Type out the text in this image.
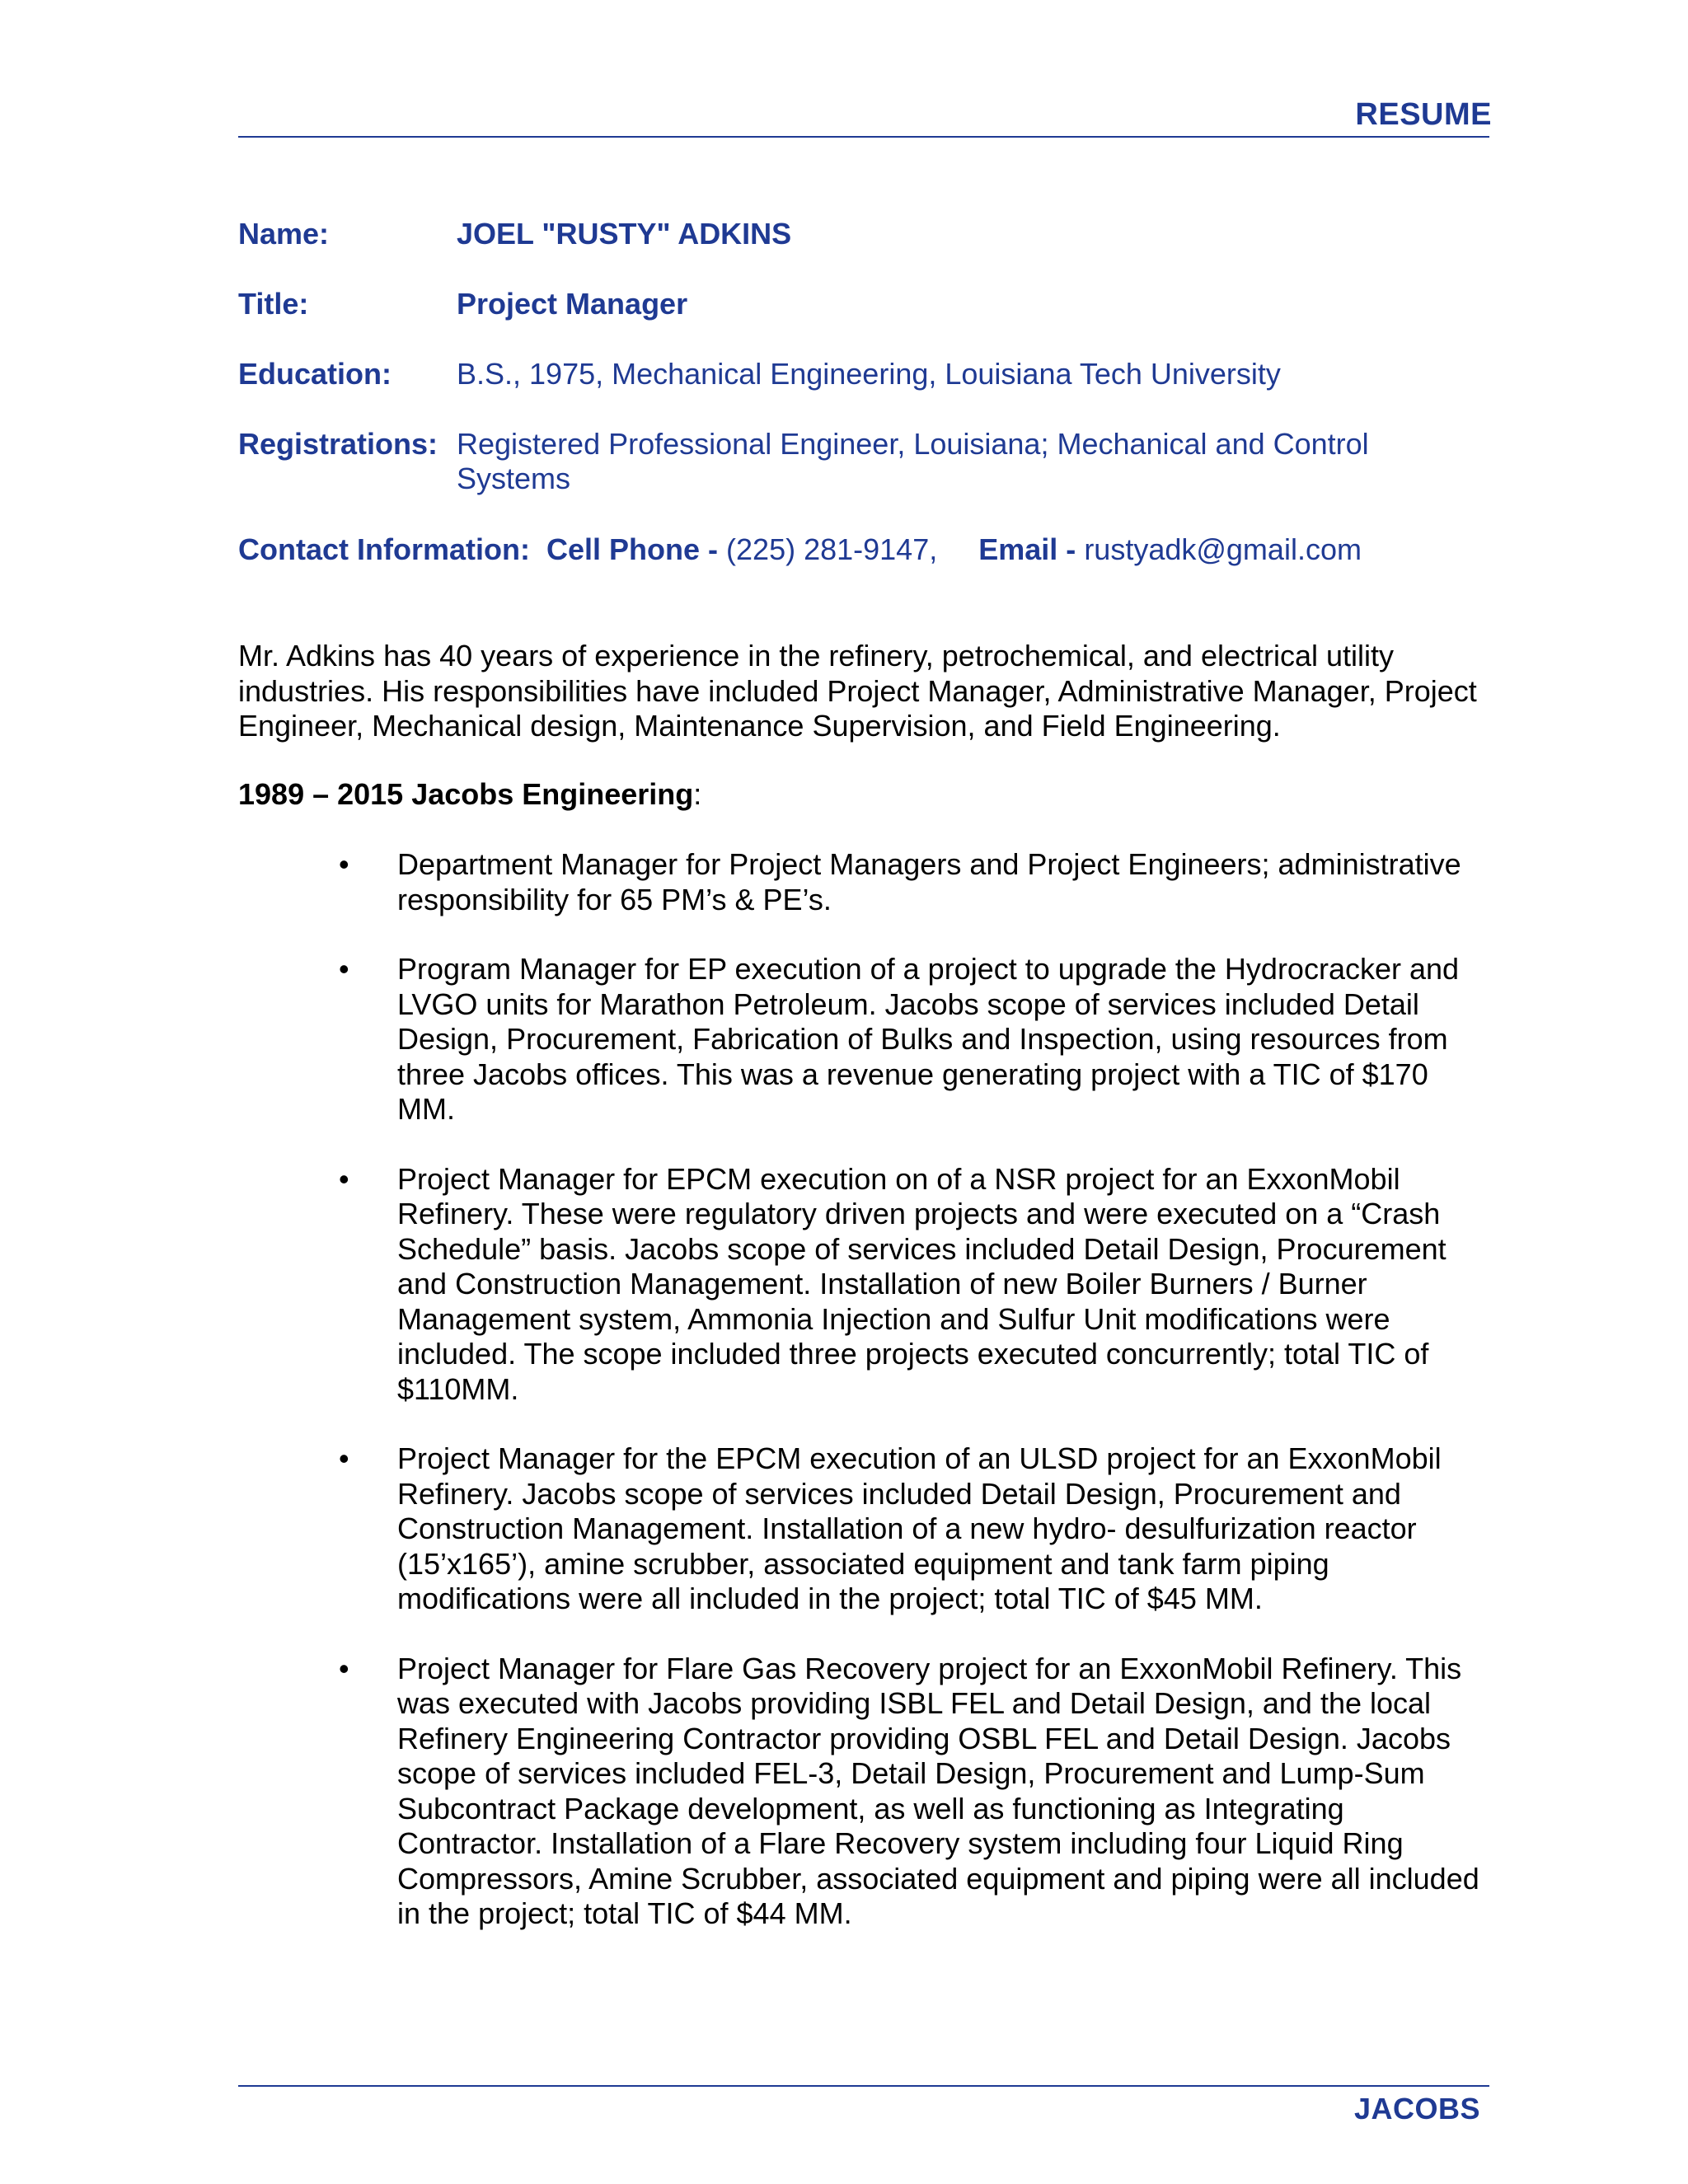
RESUME
Name:	JOEL "RUSTY" ADKINS
Title:	Project Manager
Education: B.S., 1975, Mechanical Engineering, Louisiana Tech University
Registrations: Registered Professional Engineer, Louisiana; Mechanical and Control Systems
Contact Information: Cell Phone - (225) 281-9147, Email - rustyadk@gmail.com
Mr. Adkins has 40 years of experience in the refinery, petrochemical, and electrical utility industries. His responsibilities have included Project Manager, Administrative Manager, Project Engineer, Mechanical design, Maintenance Supervision, and Field Engineering.
1989 – 2015 Jacobs Engineering:
• Department Manager for Project Managers and Project Engineers; administrative responsibility for 65 PM’s & PE’s.
• Program Manager for EP execution of a project to upgrade the Hydrocracker and LVGO units for Marathon Petroleum. Jacobs scope of services included Detail Design, Procurement, Fabrication of Bulks and Inspection, using resources from three Jacobs offices. This was a revenue generating project with a TIC of $170 MM.
• Project Manager for EPCM execution on of a NSR project for an ExxonMobil Refinery. These were regulatory driven projects and were executed on a “Crash Schedule” basis. Jacobs scope of services included Detail Design, Procurement and Construction Management. Installation of new Boiler Burners / Burner Management system, Ammonia Injection and Sulfur Unit modifications were included. The scope included three projects executed concurrently; total TIC of $110MM.
• Project Manager for the EPCM execution of an ULSD project for an ExxonMobil Refinery. Jacobs scope of services included Detail Design, Procurement and Construction Management. Installation of a new hydro- desulfurization reactor (15’x165’), amine scrubber, associated equipment and tank farm piping modifications were all included in the project; total TIC of $45 MM.
• Project Manager for Flare Gas Recovery project for an ExxonMobil Refinery. This was executed with Jacobs providing ISBL FEL and Detail Design, and the local Refinery Engineering Contractor providing OSBL FEL and Detail Design. Jacobs scope of services included FEL-3, Detail Design, Procurement and Lump-Sum Subcontract Package development, as well as functioning as Integrating Contractor. Installation of a Flare Recovery system including four Liquid Ring Compressors, Amine Scrubber, associated equipment and piping were all included in the project; total TIC of $44 MM.
JACOBS
